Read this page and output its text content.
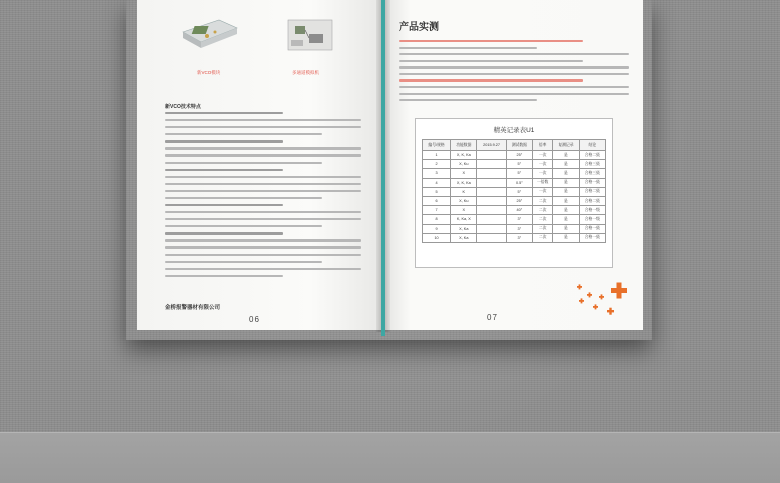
新VCO模块	多通道模拟机
新VCO技术特点
金桥报警器材有限公司
06
产品实测
精英记录表U1
编号/规格	功能数据	2015.9.27	测试数据	倍率	复测记录	结论
1	X, K, Ka		25°	一次	是	合格二級
2	X, Ku		5°	一次	是	合格三級
3	X		5°	一次	是	合格三級
4	X, K, Ka		0.5°	一倍数	是	合格一級
5	K		5°	一次	是	合格二級
6	X, Ku		25°	二次	是	合格二級
7	X		40°	二次	是	合格一级
8	K, Ka, X		3°	二次	是	合格一级
9	X, Ka		3°	二次	是	合格一級
10	X, Ka		3°	二次	是	合格一級
07
